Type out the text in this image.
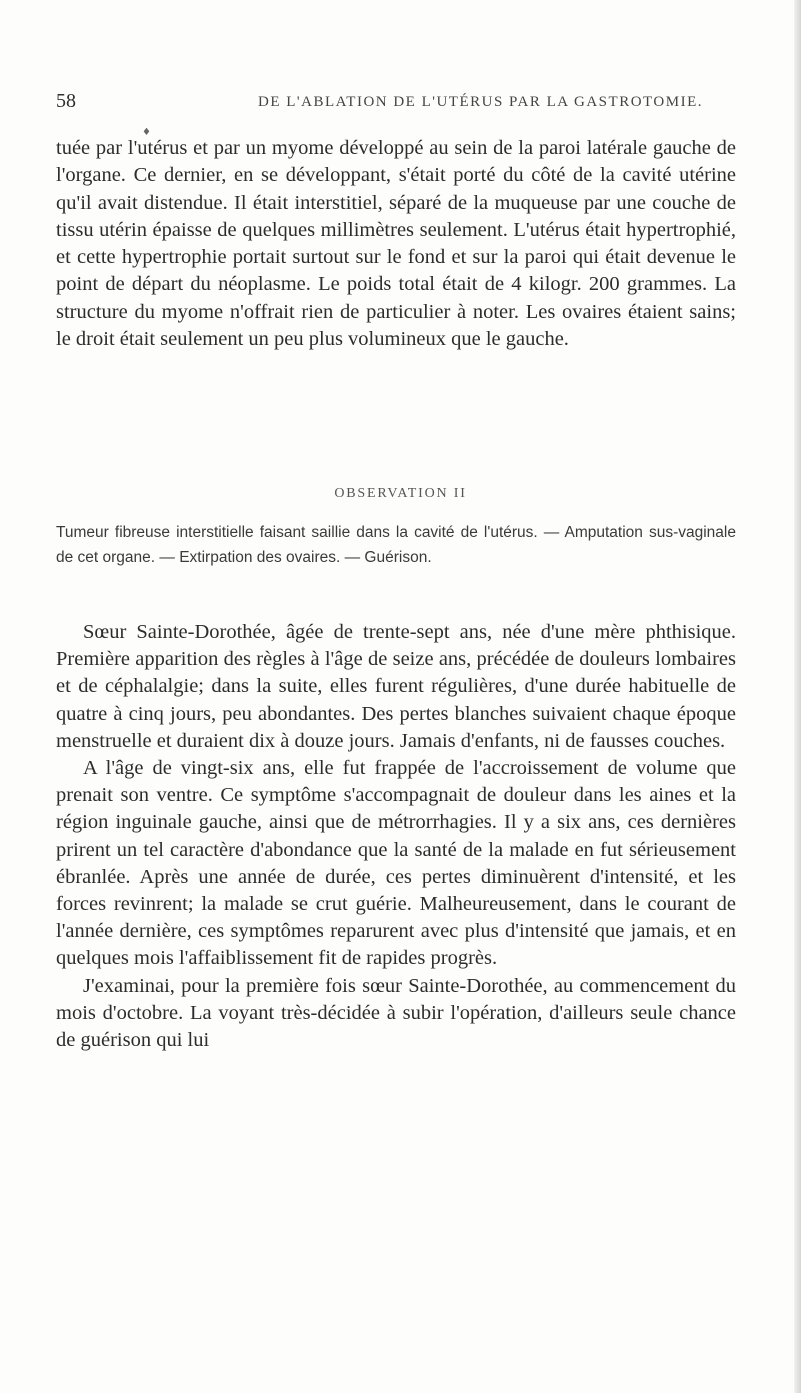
58	DE L'ABLATION DE L'UTÉRUS PAR LA GASTROTOMIE.
♦

tuée par l'utérus et par un myome développé au sein de la paroi latérale gauche de l'organe. Ce dernier, en se développant, s'était porté du côté de la cavité utérine qu'il avait distendue. Il était interstitiel, séparé de la muqueuse par une couche de tissu utérin épaisse de quelques millimètres seulement. L'utérus était hypertrophié, et cette hypertrophie portait surtout sur le fond et sur la paroi qui était devenue le point de départ du néoplasme. Le poids total était de 4 kilogr. 200 grammes. La structure du myome n'offrait rien de particulier à noter. Les ovaires étaient sains; le droit était seulement un peu plus volumineux que le gauche.

OBSERVATION II
Tumeur fibreuse interstitielle faisant saillie dans la cavité de l'utérus. — Amputation sus-vaginale de cet organe. — Extirpation des ovaires. — Guérison.

Sœur Sainte-Dorothée, âgée de trente-sept ans, née d'une mère phthisique. Première apparition des règles à l'âge de seize ans, précédée de douleurs lombaires et de céphalalgie; dans la suite, elles furent régulières, d'une durée habituelle de quatre à cinq jours, peu abondantes. Des pertes blanches suivaient chaque époque menstruelle et duraient dix à douze jours. Jamais d'enfants, ni de fausses couches.

A l'âge de vingt-six ans, elle fut frappée de l'accroissement de volume que prenait son ventre. Ce symptôme s'accompagnait de douleur dans les aines et la région inguinale gauche, ainsi que de métrorrhagies. Il y a six ans, ces dernières prirent un tel caractère d'abondance que la santé de la malade en fut sérieusement ébranlée. Après une année de durée, ces pertes diminuèrent d'intensité, et les forces revinrent; la malade se crut guérie. Malheureusement, dans le courant de l'année dernière, ces symptômes reparurent avec plus d'intensité que jamais, et en quelques mois l'affaiblissement fit de rapides progrès.

J'examinai, pour la première fois sœur Sainte-Dorothée, au commencement du mois d'octobre. La voyant très-décidée à subir l'opération, d'ailleurs seule chance de guérison qui lui
